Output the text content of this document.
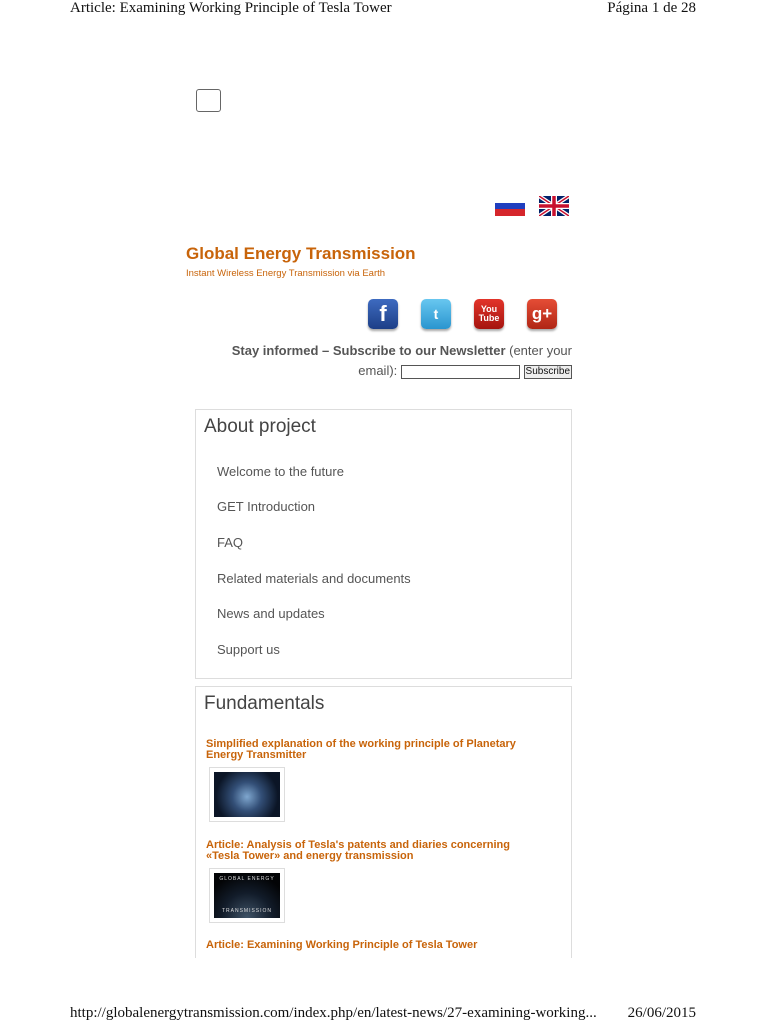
Article: Examining Working Principle of Tesla Tower	Página 1 de 28
Global Energy Transmission
Instant Wireless Energy Transmission via Earth
f	t	You
Tube g+
Stay informed – Subscribe to our Newsletter (enter your email):	Subscribe
About project
Welcome to the future
GET Introduction
FAQ
Related materials and documents
News and updates
Support us
Fundamentals
Simplified explanation of the working principle of Planetary Energy Transmitter
Article: Analysis of Tesla's patents and diaries concerning «Tesla Tower» and energy transmission
GLOBAL ENERGY
TRANSMISSION
Article: Examining Working Principle of Tesla Tower
http://globalenergytransmission.com/index.php/en/latest-news/27-examining-working... 26/06/2015
